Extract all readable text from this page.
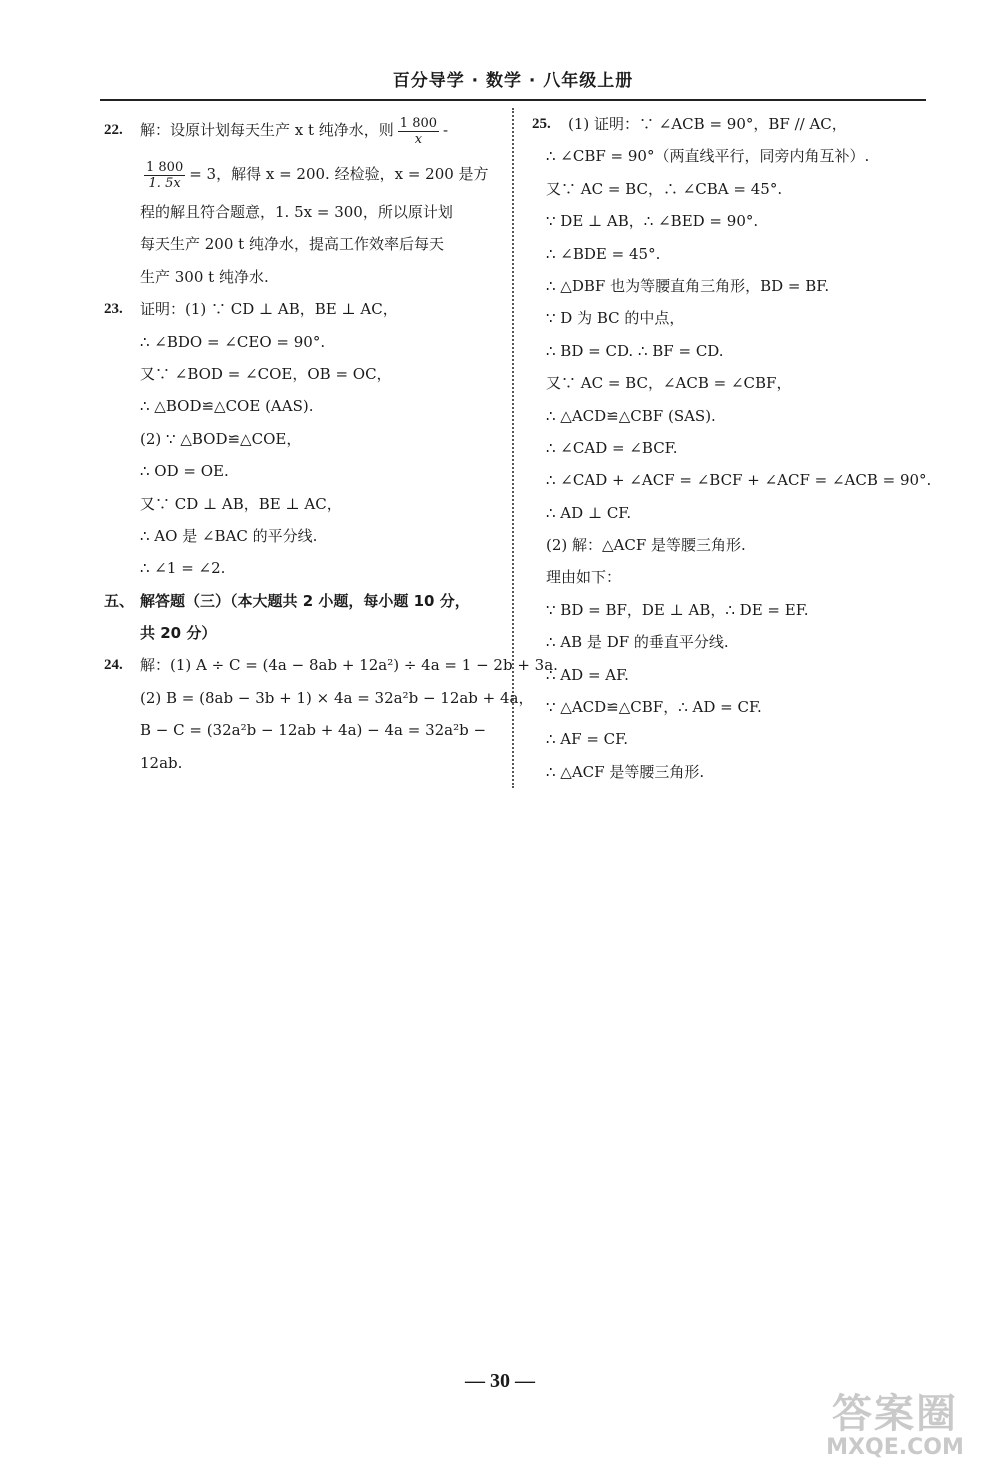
百分导学 · 数学 · 八年级上册
22. 解：设原计划每天生产 x t 纯净水，则 $\frac{1 800}{x}$ -
$\frac{1 800}{1. 5x} = 3$，解得 x = 200. 经检验，x = 200 是方
程的解且符合题意，1. 5x = 300，所以原计划
每天生产 200 t 纯净水，提高工作效率后每天
生产 300 t 纯净水.
23. 证明：(1) ∵ CD ⊥ AB，BE ⊥ AC，
∴ ∠BDO = ∠CEO = 90°.
又∵ ∠BOD = ∠COE，OB = OC，
∴ △BOD≌△COE (AAS).
(2) ∵ △BOD≌△COE，
∴ OD = OE.
又∵ CD ⊥ AB，BE ⊥ AC，
∴ AO 是 ∠BAC 的平分线.
∴ ∠1 = ∠2.
五、 解答题（三）（本大题共 2 小题，每小题 10 分，
共 20 分）
24. 解：(1) A ÷ C = (4a − 8ab + 12a²) ÷ 4a = 1 − 2b + 3a.
(2) B = (8ab − 3b + 1) × 4a = 32a²b − 12ab + 4a，
B − C = (32a²b − 12ab + 4a) − 4a = 32a²b −
12ab.
25. (1) 证明：∵ ∠ACB = 90°，BF // AC，
∴ ∠CBF = 90°（两直线平行，同旁内角互补）.
又∵ AC = BC，∴ ∠CBA = 45°.
∵ DE ⊥ AB，∴ ∠BED = 90°.
∴ ∠BDE = 45°.
∴ △DBF 也为等腰直角三角形，BD = BF.
∵ D 为 BC 的中点，
∴ BD = CD. ∴ BF = CD.
又∵ AC = BC，∠ACB = ∠CBF，
∴ △ACD≌△CBF (SAS).
∴ ∠CAD = ∠BCF.
∴ ∠CAD + ∠ACF = ∠BCF + ∠ACF = ∠ACB = 90°.
∴ AD ⊥ CF.
(2) 解：△ACF 是等腰三角形.
理由如下：
∵ BD = BF，DE ⊥ AB，∴ DE = EF.
∴ AB 是 DF 的垂直平分线.
∴ AD = AF.
∵ △ACD≌△CBF，∴ AD = CF.
∴ AF = CF.
∴ △ACF 是等腰三角形.
— 30 —
答案圈
MXQE.COM
